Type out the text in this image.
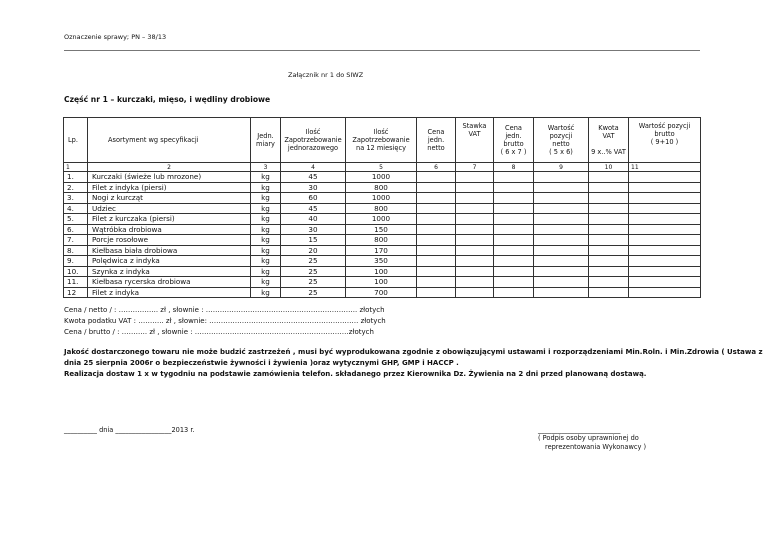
Oznaczenie sprawy; PN – 38/13
Załącznik nr 1 do SIWZ
Część nr 1 – kurczaki, mięso, i wędliny drobiowe
Lp.	Asortyment wg specyfikacji	Jedn.
miary	Ilość
Zapotrzebowanie
jednorazowego	Ilość
Zapotrzebowanie
na 12 miesięcy	Cena
jedn.
netto	Stawka
VAT	Cena
jedn.
brutto
( 6 x 7 )	Wartość
pozycji
netto
( 5 x 6)	Kwota
VAT

9 x..% VAT	Wartość pozycji
brutto
( 9+10 )
1	2	3	4	5	6	7	8	9	10	11
1.	Kurczaki (świeże lub mrozone)	kg	45	1000						
2.	Filet z indyka (piersi)	kg	30	800						
3.	Nogi z kurcząt	kg	60	1000						
4.	Udziec	kg	45	800						
5.	Filet z kurczaka (piersi)	kg	40	1000						
6.	Wątróbka drobiowa	kg	30	150						
7.	Porcje rosołowe	kg	15	800						
8.	Kiełbasa biała drobiowa	kg	20	170						
9.	Polędwica z indyka	kg	25	350						
10.	Szynka z indyka	kg	25	100						
11.	Kiełbasa rycerska drobiowa	kg	25	100						
12	Filet z indyka	kg	25	700						
Cena / netto / : …………….. zł , słownie : ……………………………………………………….. złotych
Kwota podatku VAT : ……….. zł , słownie: ………………………………………………………. złotych
Cena / brutto / : ……….. zł , słownie : …………………………………………………………złotych
Jakość dostarczonego towaru nie może budzić zastrzeżeń , musi być wyprodukowana zgodnie z obowiązującymi ustawami i rozporządzeniami Min.Roln. i Min.Zdrowia ( Ustawa z
dnia 25 sierpnia 2006r o bezpieczeństwie żywności i żywienia )oraz wytycznymi GHP, GMP i HACCP .
Realizacja dostaw 1 x w tygodniu na podstawie zamówienia telefon. składanego przez Kierownika Dz. Żywienia na 2 dni przed planowaną dostawą.
__________ dnia _________________2013 r.	_________________________
( Podpis osoby uprawnionej do
reprezentowania Wykonawcy )
